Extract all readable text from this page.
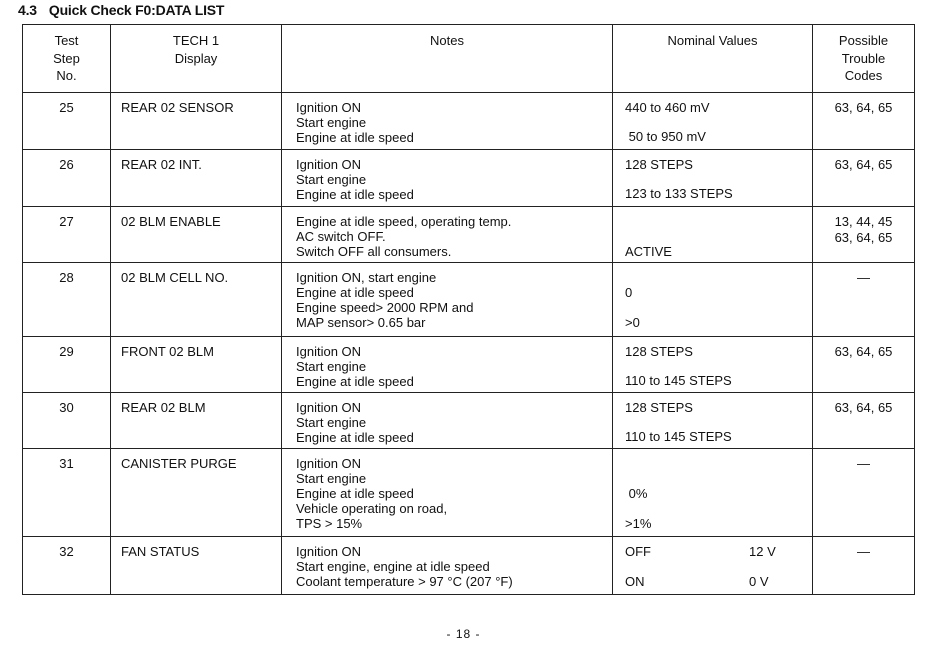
4.3 Quick Check F0:DATA LIST
Test
Step
No.	TECH 1
Display	Notes	Nominal Values	Possible
Trouble
Codes

25	REAR 02 SENSOR	Ignition ON
Start engine
Engine at idle speed	440 to 460 mV
50 to 950 mV	63, 64, 65

26	REAR 02 INT.	Ignition ON
Start engine
Engine at idle speed	128 STEPS
123 to 133 STEPS	63, 64, 65

27	02 BLM ENABLE	Engine at idle speed, operating temp.
AC switch OFF.
Switch OFF all consumers.	ACTIVE	13, 44, 45
63, 64, 65

28	02 BLM CELL NO.	Ignition ON, start engine
Engine at idle speed
Engine speed> 2000 RPM and
MAP sensor> 0.65 bar	0
>0	—

29	FRONT 02 BLM	Ignition ON
Start engine
Engine at idle speed	128 STEPS
110 to 145 STEPS	63, 64, 65

30	REAR 02 BLM	Ignition ON
Start engine
Engine at idle speed	128 STEPS
110 to 145 STEPS	63, 64, 65

31	CANISTER PURGE	Ignition ON
Start engine
Engine at idle speed
Vehicle operating on road,
TPS > 15%	0%
>1%	—

32	FAN STATUS	Ignition ON
Start engine, engine at idle speed
Coolant temperature > 97 °C (207 °F)	OFF 12 V
ON 0 V	—
- 18 -
